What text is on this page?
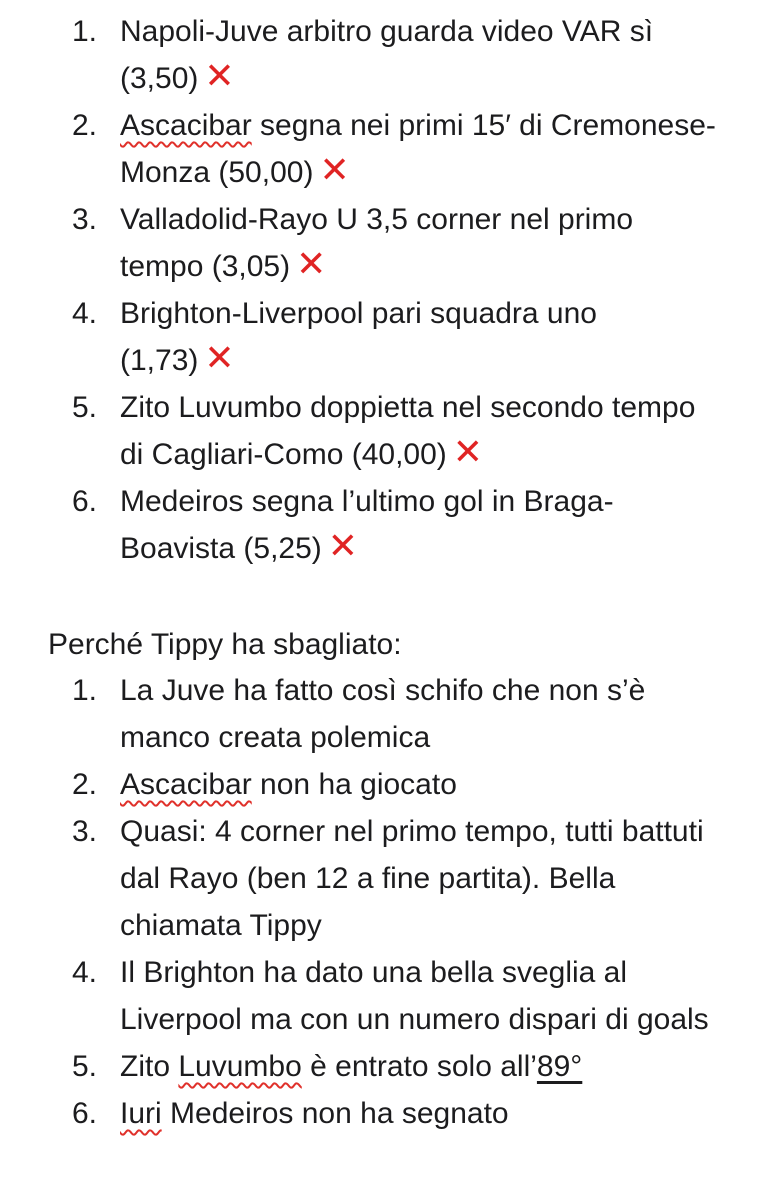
1. Napoli-Juve arbitro guarda video VAR sì (3,50) ✕
2. Ascacibar segna nei primi 15′ di Cremonese-Monza (50,00) ✕
3. Valladolid-Rayo U 3,5 corner nel primo tempo (3,05) ✕
4. Brighton-Liverpool pari squadra uno (1,73) ✕
5. Zito Luvumbo doppietta nel secondo tempo di Cagliari-Como (40,00) ✕
6. Medeiros segna l’ultimo gol in Braga-Boavista (5,25) ✕
Perché Tippy ha sbagliato:
1. La Juve ha fatto così schifo che non s’è manco creata polemica
2. Ascacibar non ha giocato
3. Quasi: 4 corner nel primo tempo, tutti battuti dal Rayo (ben 12 a fine partita). Bella chiamata Tippy
4. Il Brighton ha dato una bella sveglia al Liverpool ma con un numero dispari di goals
5. Zito Luvumbo è entrato solo all’89°
6. Iuri Medeiros non ha segnato
